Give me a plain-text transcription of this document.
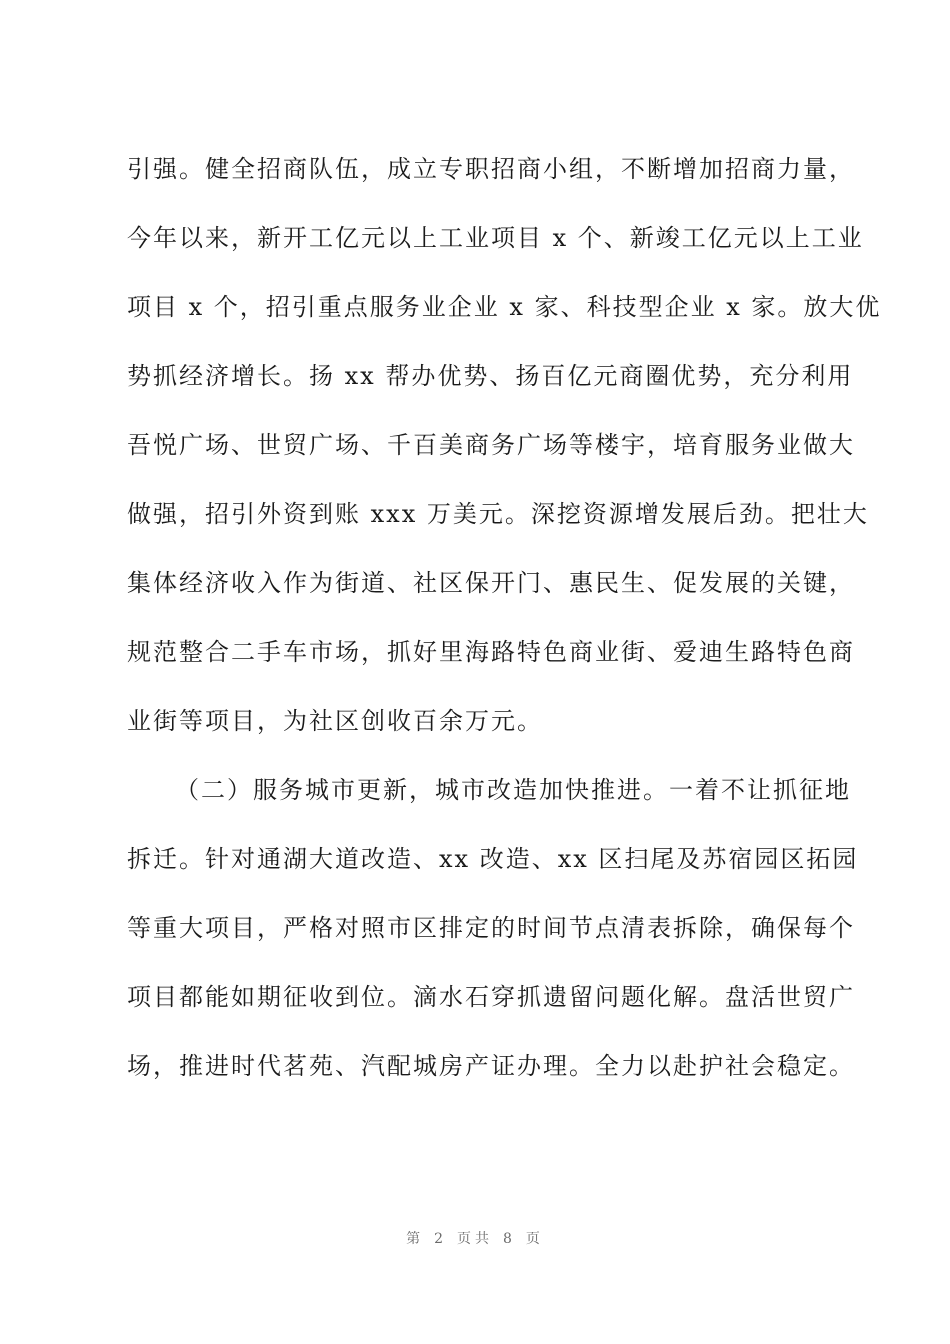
引强。健全招商队伍，成立专职招商小组，不断增加招商力量，
今年以来，新开工亿元以上工业项目 x 个、新竣工亿元以上工业
项目 x 个，招引重点服务业企业 x 家、科技型企业 x 家。放大优
势抓经济增长。扬 xx 帮办优势、扬百亿元商圈优势，充分利用
吾悦广场、世贸广场、千百美商务广场等楼宇，培育服务业做大
做强，招引外资到账 xxx 万美元。深挖资源增发展后劲。把壮大
集体经济收入作为街道、社区保开门、惠民生、促发展的关键，
规范整合二手车市场，抓好里海路特色商业街、爱迪生路特色商
业街等项目，为社区创收百余万元。
（二）服务城市更新，城市改造加快推进。一着不让抓征地
拆迁。针对通湖大道改造、xx 改造、xx 区扫尾及苏宿园区拓园
等重大项目，严格对照市区排定的时间节点清表拆除，确保每个
项目都能如期征收到位。滴水石穿抓遗留问题化解。盘活世贸广
场，推进时代茗苑、汽配城房产证办理。全力以赴护社会稳定。
第 2 页共 8 页
